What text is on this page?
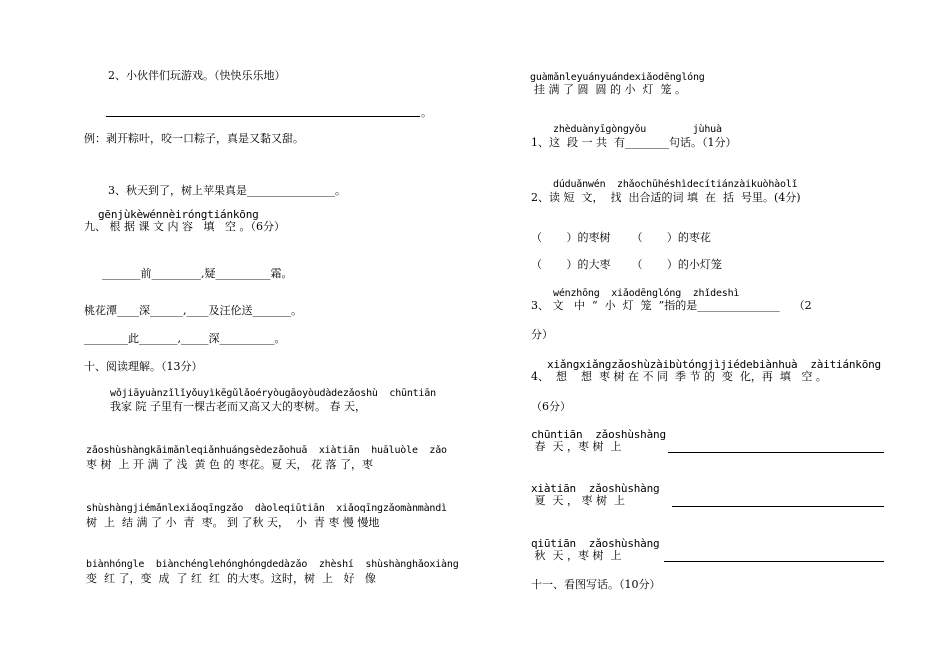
2、小伙伴们玩游戏。（快快乐乐地）
。
例：剥开粽叶，咬一口粽子，真是又黏又甜。
3、秋天到了，树上苹果真是________________。
gēnjùkèwénnèiróngtiánkōng
九、 根 据 课 文 内 容   填   空 。（6分）
_______前_________,疑__________霜。
桃花潭____深______,____及汪伦送_______。
________此_______,_____深__________。
十、阅读理解。（13分）
wǒjiāyuànzǐlǐyǒuyìkēgǔlǎoéryòugāoyòudàdezǎoshù  chūntiān
我家 院 子里有一棵古老而又高又大的枣树。 春 天，
zǎoshùshàngkāimǎnleqiǎnhuángsèdezǎohuā  xiàtiān  huāluòle  zǎo
枣 树  上 开 满 了 浅  黄 色 的 枣花。夏 天， 花 落 了，枣
shùshàngjiémǎnlexiǎoqīngzǎo  dàoleqiūtiān  xiǎoqīngzǎomànmàndì
树  上  结 满 了 小  青  枣。 到 了秋 天，  小  青 枣 慢 慢地
biànhóngle  biànchénglehónghóngdedàzǎo  zhèshí  shùshànghǎoxiàng
变  红 了，变  成  了 红  红  的大枣。这时，树  上   好   像
guàmǎnleyuányuándexiǎodēnglóng
挂 满 了 圆  圆 的 小  灯  笼 。
zhèduànyīgòngyǒu        jùhuà
1、这  段 一 共  有________句话。（1分）
dúduǎnwén  zhǎochūhéshìdecítiánzàikuòhàolǐ
2、读 短  文，  找  出合适的词 填  在  括  号里。(4分)
（       ）的枣树      （       ）的枣花
（       ）的大枣      （       ）的小灯笼
wénzhōng  xiǎodēnglóng  zhǐdeshì
3、 文   中  “  小  灯  笼  ”指的是_______________    （2
分）
xiǎngxiǎngzǎoshùzàibùtóngjìjiédebiànhuà  zàitiánkōng
4、  想    想  枣 树 在 不 同  季 节 的  变  化，再  填   空 。
（6分）
chūntiān  zǎoshùshàng
春  天 ，枣 树  上
xiàtiān  zǎoshùshàng
夏  天 ， 枣 树  上
qiūtiān  zǎoshùshàng
秋  天 ，枣 树  上
十一、看图写话。（10分）
